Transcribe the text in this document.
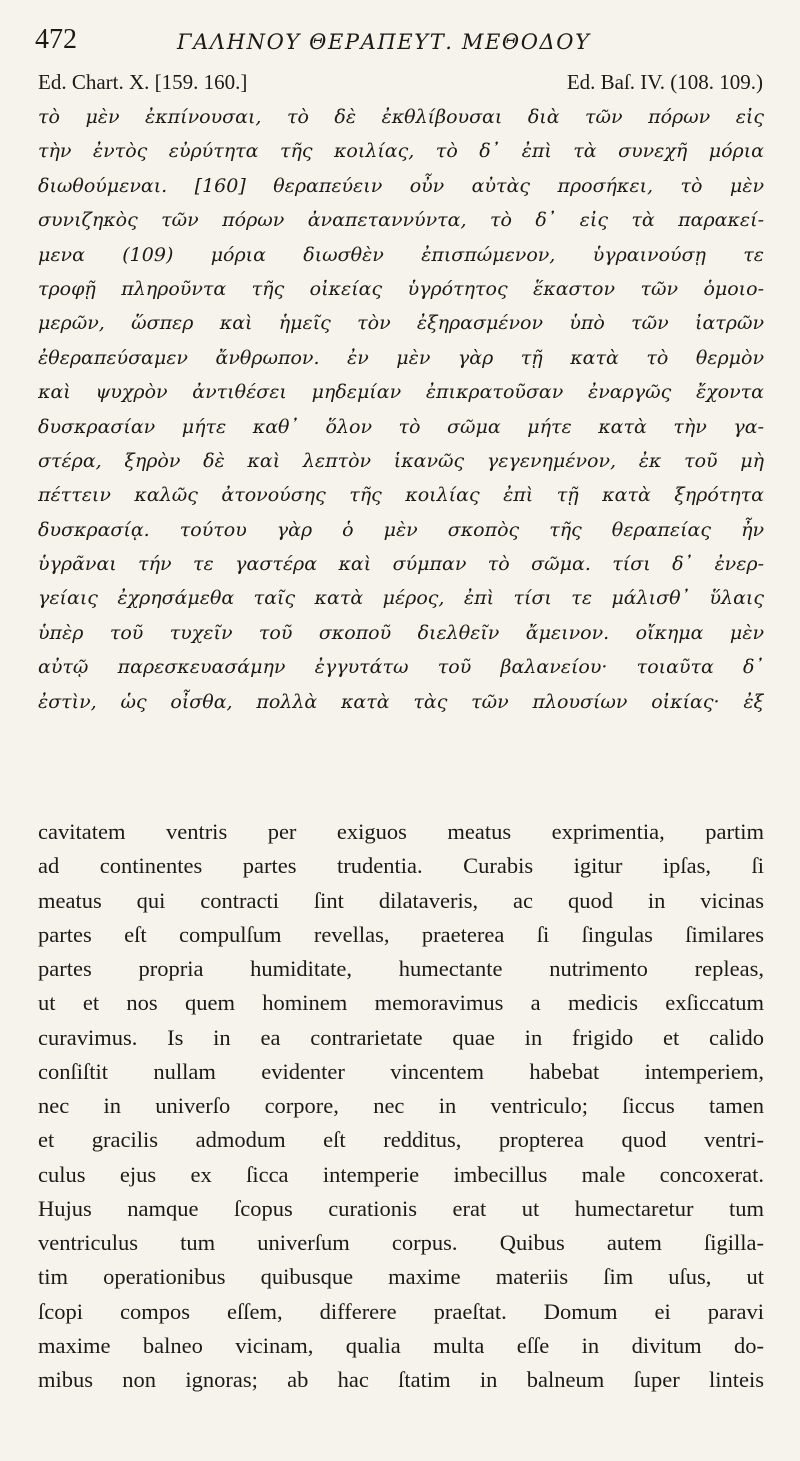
472	ΓΑΛΗΝΟΥ ΘΕΡΑΠΕΥΤ. ΜΕΘΟΔΟΥ
Ed. Chart. X. [159. 160.]	Ed. Baſ. IV. (108. 109.)
τὸ μὲν ἐκπίνουσαι, τὸ δὲ ἐκθλίβουσαι διὰ τῶν πόρων εἰς
τὴν ἐντὸς εὐρύτητα τῆς κοιλίας, τὸ δ᾽ ἐπὶ τὰ συνεχῆ μόρια
διωθούμεναι. [160] θεραπεύειν οὖν αὐτὰς προσήκει, τὸ μὲν
συνιζηκὸς τῶν πόρων ἀναπεταννύντα, τὸ δ᾽ εἰς τὰ παρακεί-
μενα (109) μόρια διωσθὲν ἐπισπώμενον, ὑγραινούσῃ τε
τροφῇ πληροῦντα τῆς οἰκείας ὑγρότητος ἕκαστον τῶν ὁμοιο-
μερῶν, ὥσπερ καὶ ἡμεῖς τὸν ἐξηρασμένον ὑπὸ τῶν ἰατρῶν
ἐθεραπεύσαμεν ἄνθρωπον. ἐν μὲν γὰρ τῇ κατὰ τὸ θερμὸν
καὶ ψυχρὸν ἀντιθέσει μηδεμίαν ἐπικρατοῦσαν ἐναργῶς ἔχοντα
δυσκρασίαν μήτε καθ᾽ ὅλον τὸ σῶμα μήτε κατὰ τὴν γα-
στέρα, ξηρὸν δὲ καὶ λεπτὸν ἱκανῶς γεγενημένον, ἐκ τοῦ μὴ
πέττειν καλῶς ἀτονούσης τῆς κοιλίας ἐπὶ τῇ κατὰ ξηρότητα
δυσκρασίᾳ. τούτου γὰρ ὁ μὲν σκοπὸς τῆς θεραπείας ἦν
ὑγρᾶναι τήν τε γαστέρα καὶ σύμπαν τὸ σῶμα. τίσι δ᾽ ἐνερ-
γείαις ἐχρησάμεθα ταῖς κατὰ μέρος, ἐπὶ τίσι τε μάλισθ᾽ ὕλαις
ὑπὲρ τοῦ τυχεῖν τοῦ σκοποῦ διελθεῖν ἄμεινον. οἴκημα μὲν
αὐτῷ παρεσκευασάμην ἐγγυτάτω τοῦ βαλανείου· τοιαῦτα δ᾽
ἐστὶν, ὡς οἶσθα, πολλὰ κατὰ τὰς τῶν πλουσίων οἰκίας· ἐξ
cavitatem ventris per exiguos meatus exprimentia, partim
ad continentes partes trudentia. Curabis igitur ipſas, ſi
meatus qui contracti ſint dilataveris, ac quod in vicinas
partes eſt compulſum revellas, praeterea ſi ſingulas ſimilares
partes propria humiditate, humectante nutrimento repleas,
ut et nos quem hominem memoravimus a medicis exſiccatum
curavimus. Is in ea contrarietate quae in frigido et calido
conſiſtit nullam evidenter vincentem habebat intemperiem,
nec in univerſo corpore, nec in ventriculo; ſiccus tamen
et gracilis admodum eſt redditus, propterea quod ventri-
culus ejus ex ſicca intemperie imbecillus male concoxerat.
Hujus namque ſcopus curationis erat ut humectaretur tum
ventriculus tum univerſum corpus. Quibus autem ſigilla-
tim operationibus quibusque maxime materiis ſim uſus, ut
ſcopi compos eſſem, differere praeſtat. Domum ei paravi
maxime balneo vicinam, qualia multa eſſe in divitum do-
mibus non ignoras; ab hac ſtatim in balneum ſuper linteis
